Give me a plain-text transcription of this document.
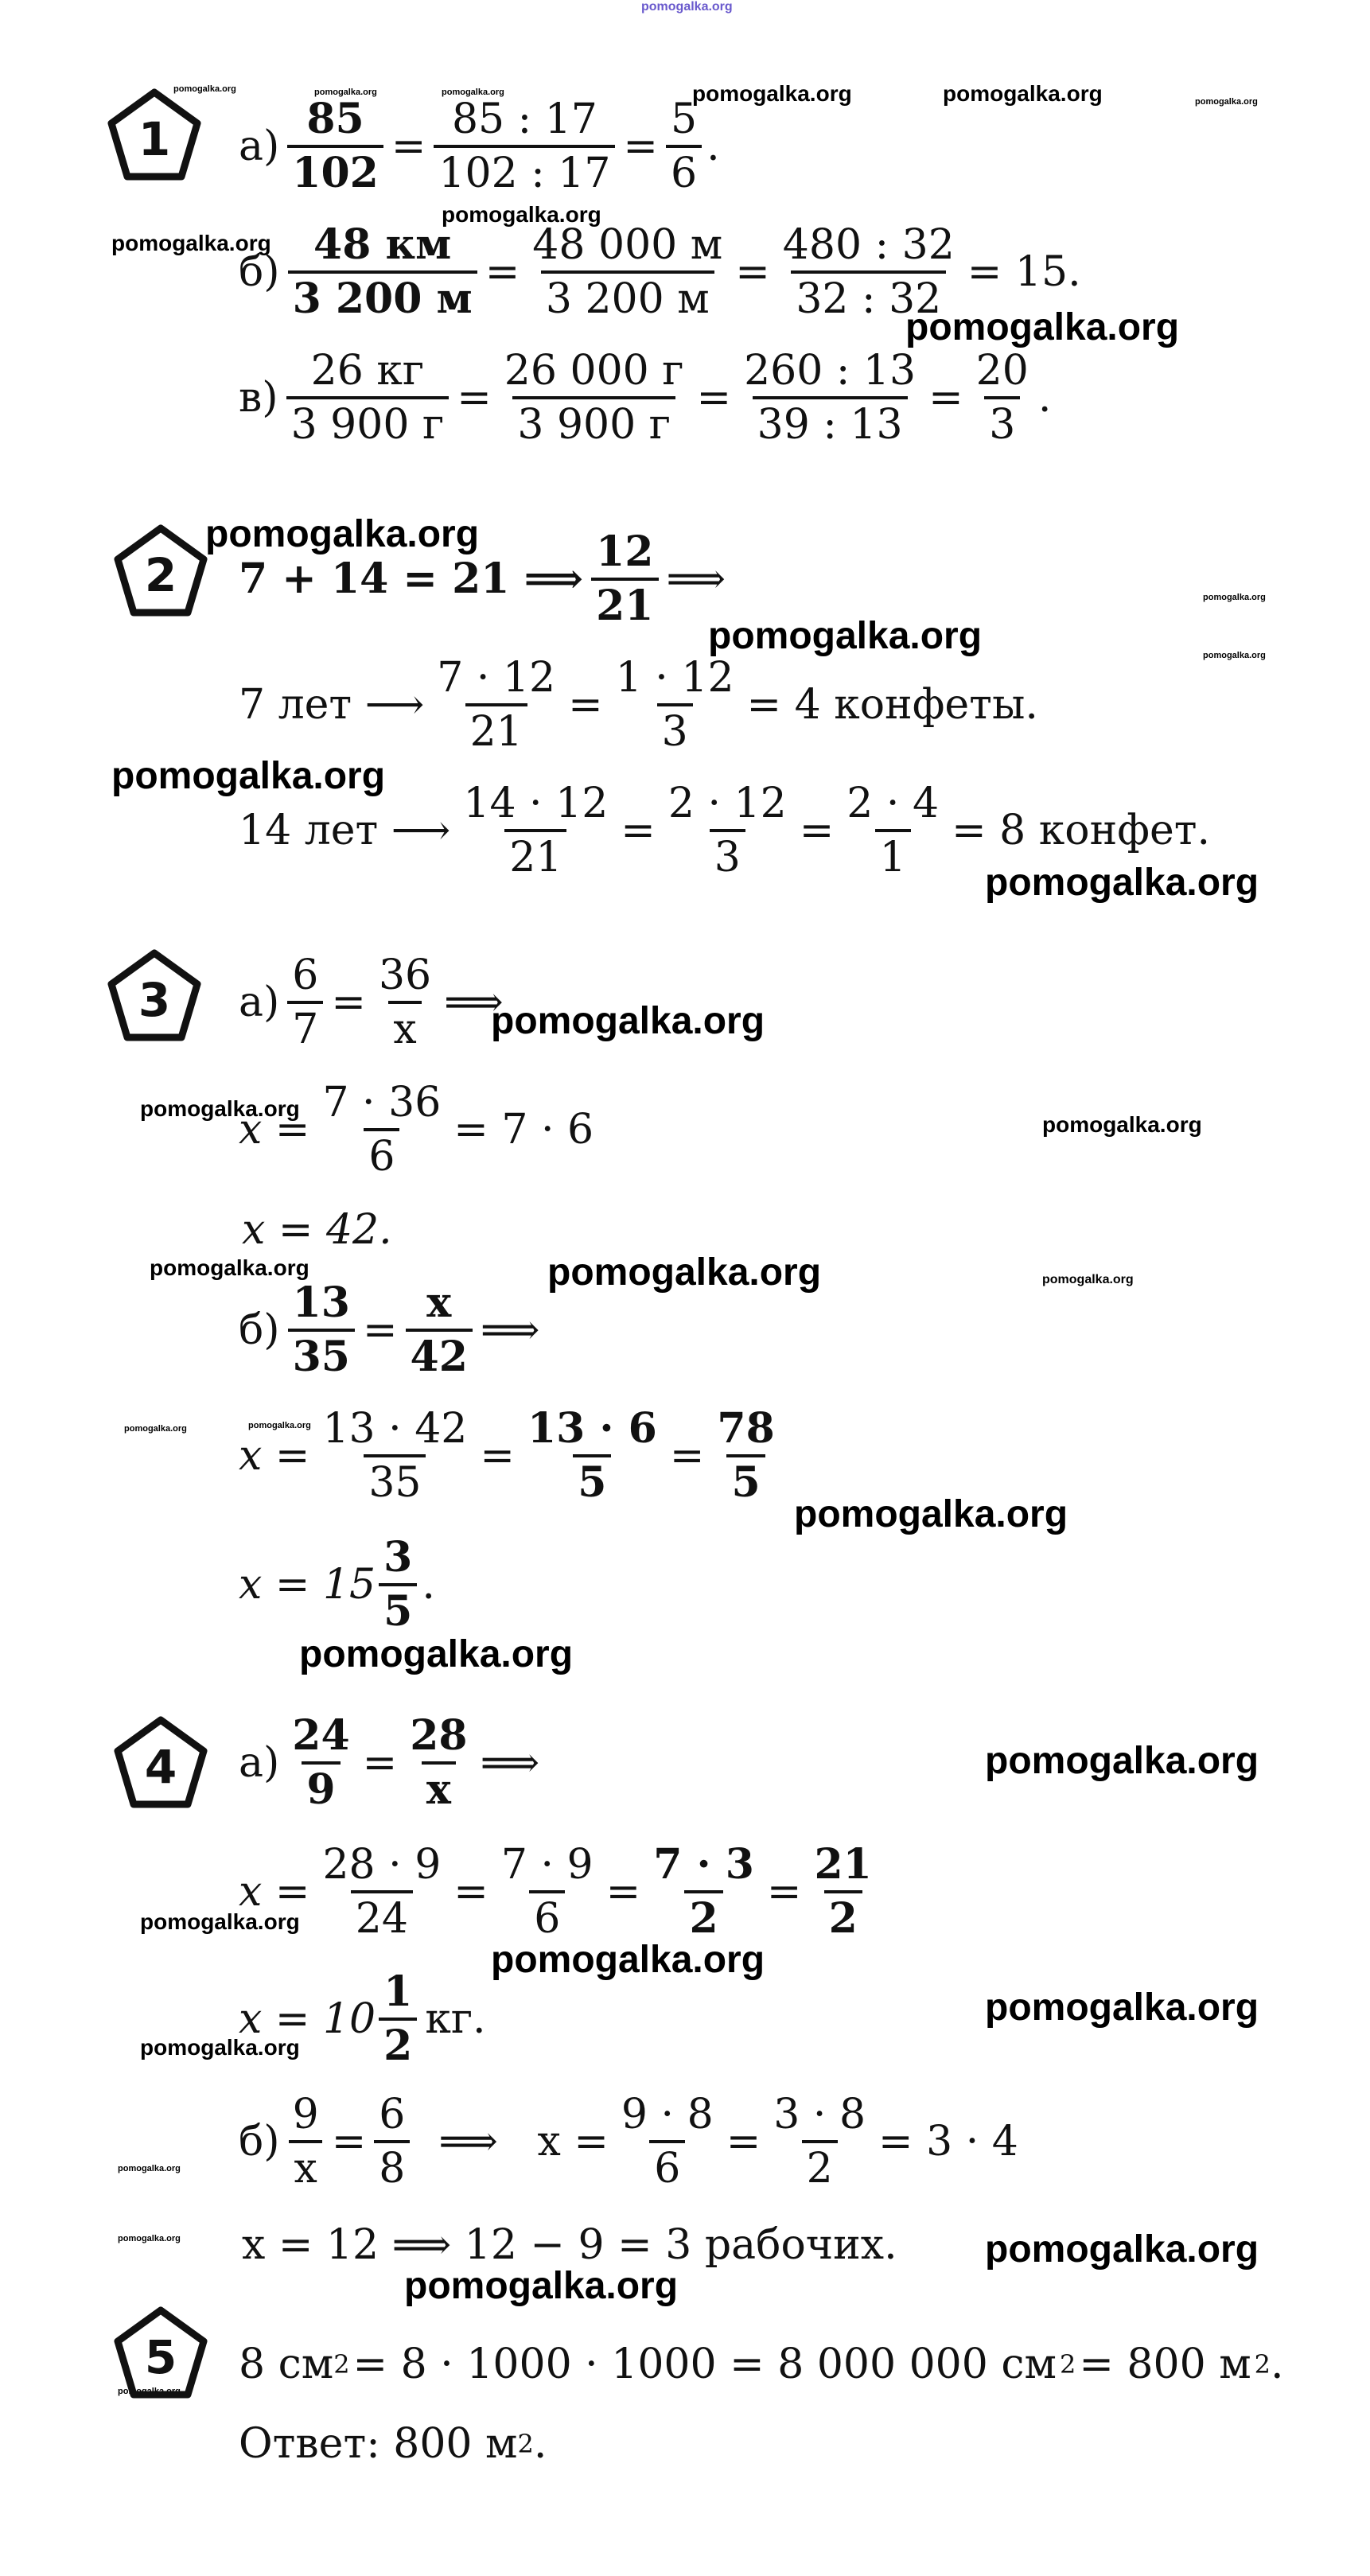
pomogalka.org
pomogalka.org	pomogalka.org	pomogalka.org	pomogalka.org	pomogalka.org	pomogalka.org
pomogalka.org
pomogalka.org
pomogalka.org
pomogalka.org
pomogalka.org
pomogalka.org	pomogalka.org
pomogalka.org
pomogalka.org
pomogalka.org
pomogalka.org
pomogalka.org
pomogalka.org	pomogalka.org	pomogalka.org
pomogalka.org	pomogalka.org
pomogalka.org
pomogalka.org
pomogalka.org
pomogalka.org
pomogalka.org
pomogalka.org
pomogalka.org
pomogalka.org
pomogalka.org	pomogalka.org
pomogalka.org
pomogalka.org
1
2
3
4
5
$а) \frac{85}{102} = \frac{85 : 17}{102 : 17} = \frac{5}{6}$ .
$б) \frac{48 км}{3 200 м} = \frac{48 000 м}{3 200 м} = \frac{480 : 32}{32 : 32} = 15$.
$в) \frac{26 кг}{3 900 г} = \frac{26 000 г}{3 900 г} = \frac{260 : 13}{39 : 13} = \frac{20}{3}$ .
7 + 14 = 21 ⟹ $\frac{12}{21}$ ⟹
7 лет ⟶ $\frac{7 \cdot 12}{21} = \frac{1 \cdot 12}{3} = 4$ конфеты.
14 лет ⟶ $\frac{14 \cdot 12}{21} = \frac{2 \cdot 12}{3} = \frac{2 \cdot 4}{1} = 8$ конфет.
$а) \frac{6}{7} = \frac{36}{x}$ ⟹
$x = \frac{7 \cdot 36}{6} = 7 \cdot 6$
x = 42.
$б) \frac{13}{35} = \frac{x}{42}$ ⟹
$x = \frac{13 \cdot 42}{35} = \frac{13 \cdot 6}{5} = \frac{78}{5}$
$x = 15 \frac{3}{5}$ .
$а) \frac{24}{9} = \frac{28}{x}$ ⟹
$x = \frac{28 \cdot 9}{24} = \frac{7 \cdot 9}{6} = \frac{7 \cdot 3}{2} = \frac{21}{2}$
$x = 10 \frac{1}{2}$ кг.
$б) \frac{9}{x} = \frac{6}{8}$ ⟹   $x = \frac{9 \cdot 8}{6} = \frac{3 \cdot 8}{2} = 3 \cdot 4$
x = 12 ⟹ 12 − 9 = 3 рабочих.
8 см 2 = 8 · 1000 · 1000 = 8 000 000 см 2 = 800 м 2 .
Ответ: 800 м 2 .
